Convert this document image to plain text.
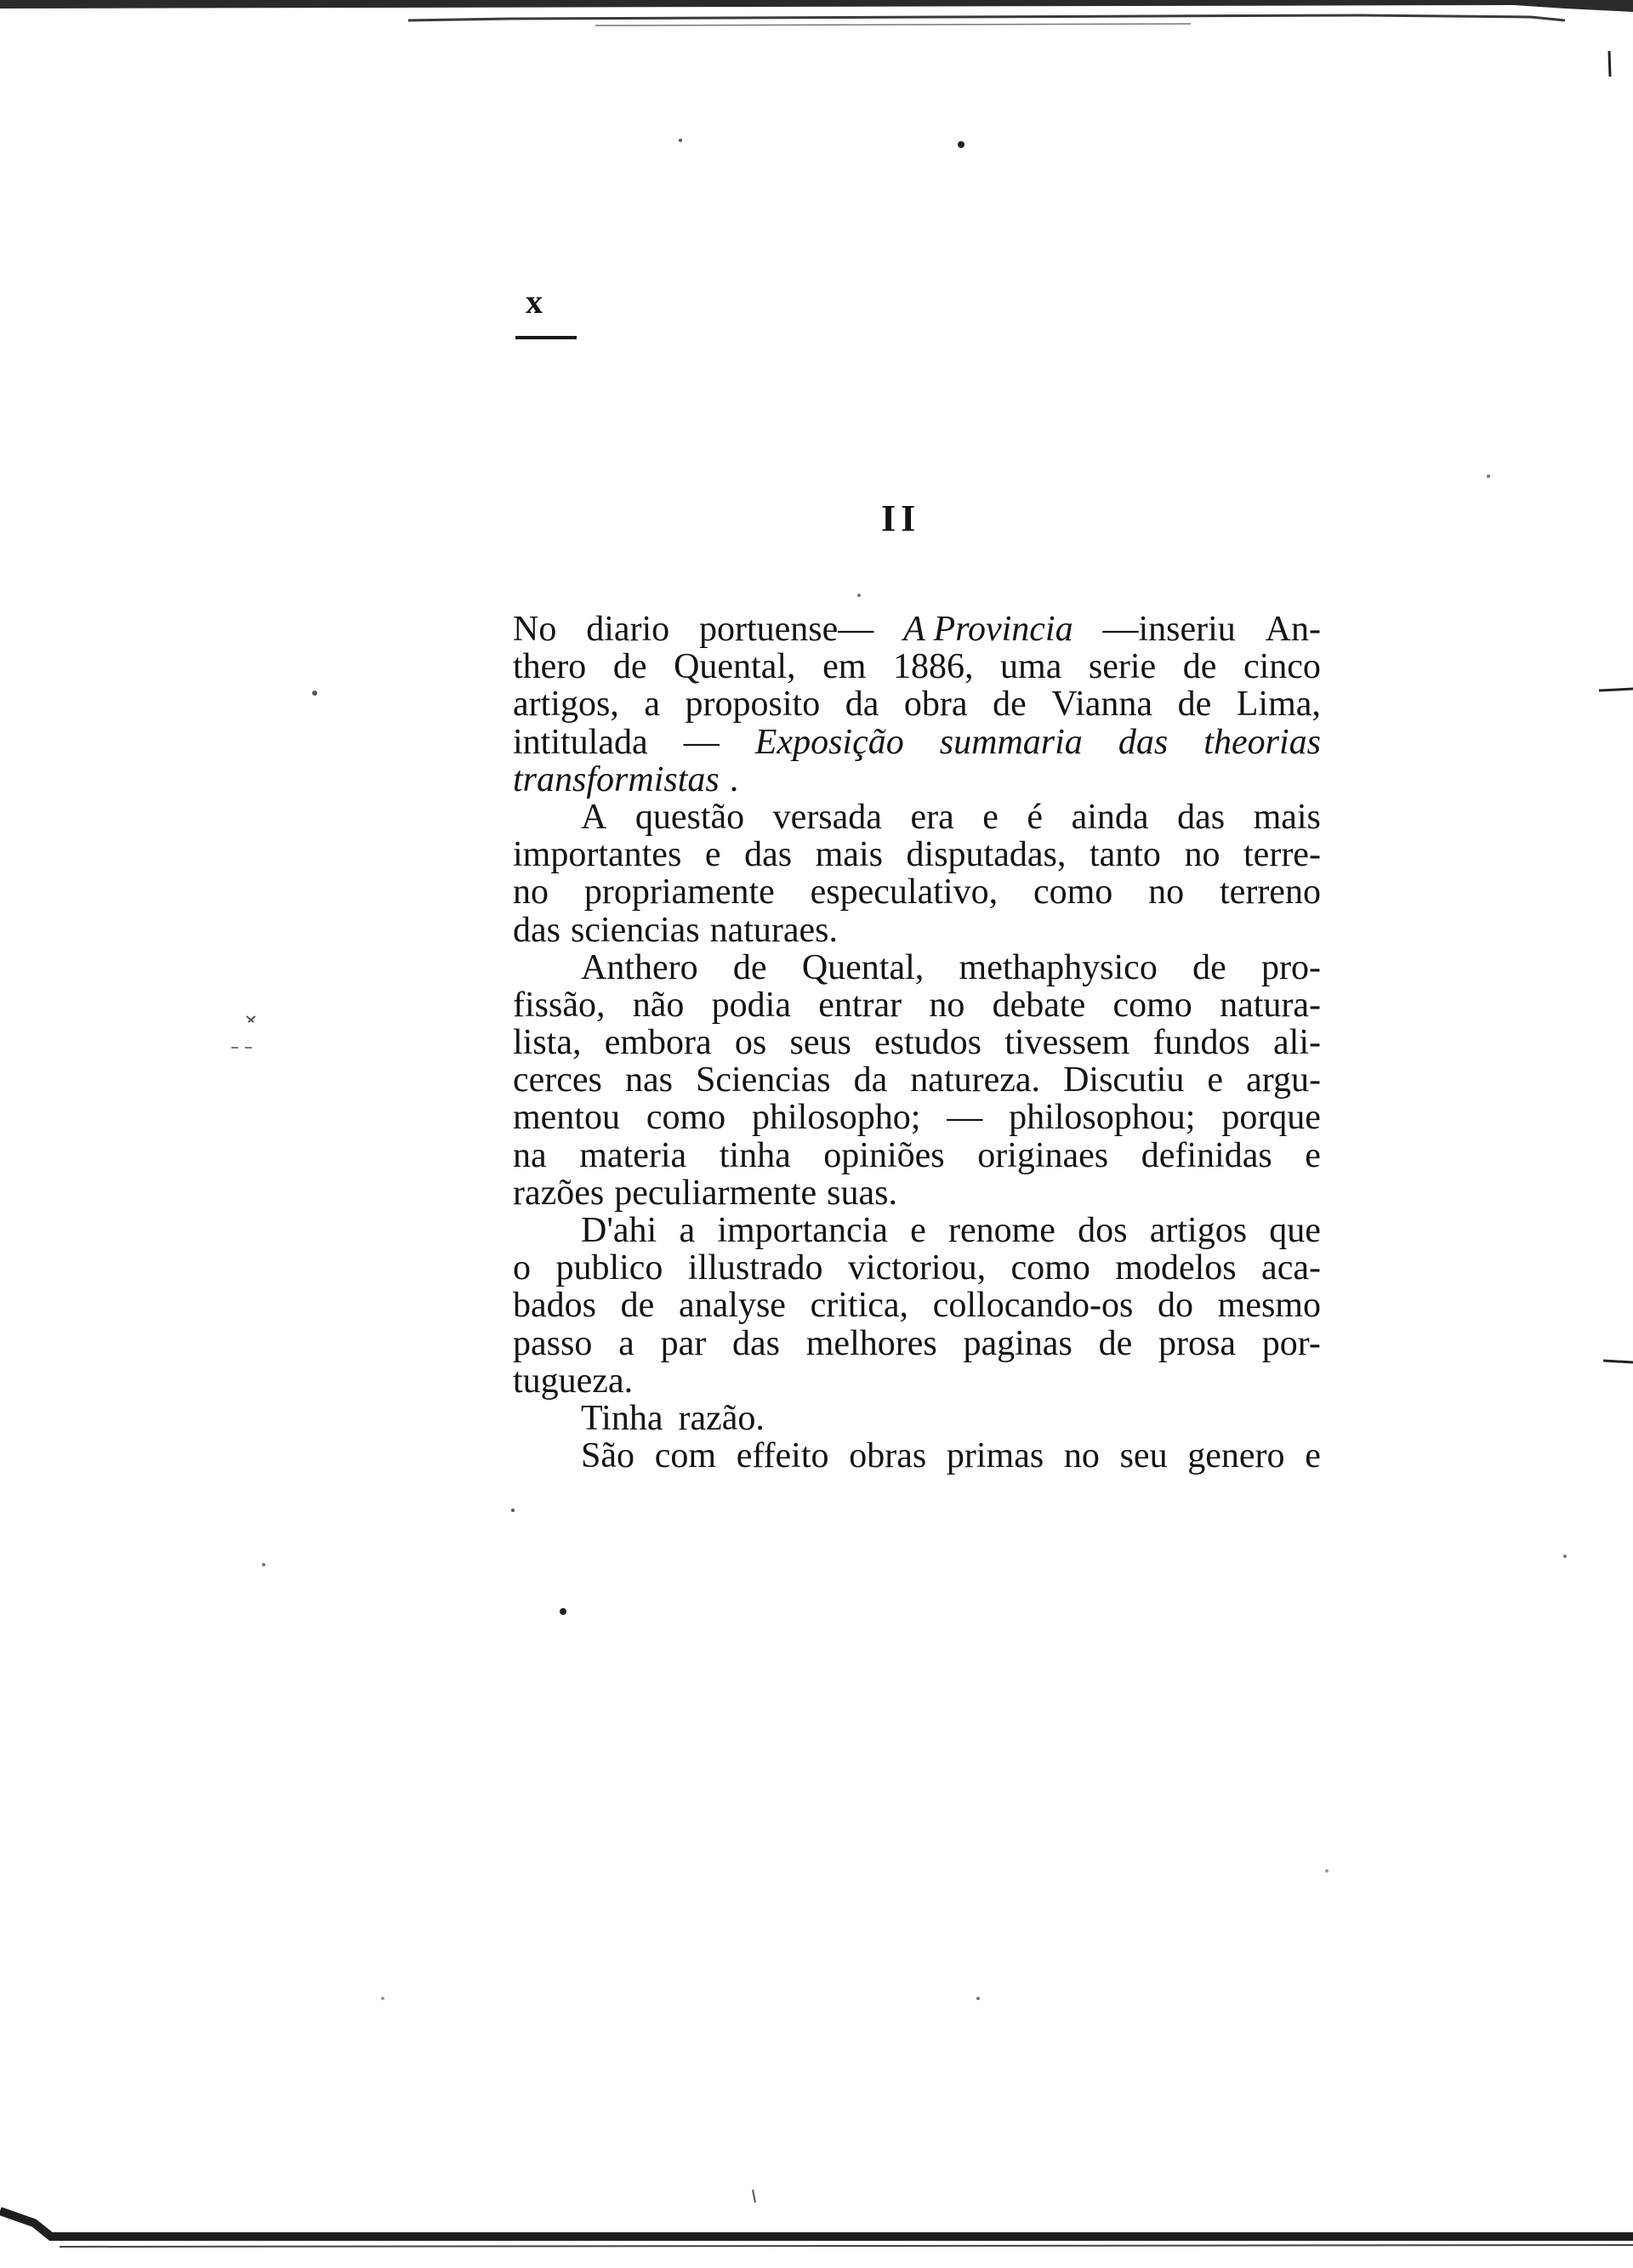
x
II
No diario portuense— A Provincia —inseriu An-
thero de Quental, em 1886, uma serie de cinco
artigos, a proposito da obra de Vianna de Lima,
intitulada — Exposição summaria das theorias
transformistas .
A questão versada era e é ainda das mais
importantes e das mais disputadas, tanto no terre-
no propriamente especulativo, como no terreno
das sciencias naturaes.
Anthero de Quental, methaphysico de pro-
fissão, não podia entrar no debate como natura-
lista, embora os seus estudos tivessem fundos ali-
cerces nas Sciencias da natureza. Discutiu e argu-
mentou como philosopho; — philosophou; porque
na materia tinha opiniões originaes definidas e
razões peculiarmente suas.
D'ahi a importancia e renome dos artigos que
o publico illustrado victoriou, como modelos aca-
bados de analyse critica, collocando-os do mesmo
passo a par das melhores paginas de prosa por-
tugueza.
Tinha razão.
São com effeito obras primas no seu genero e
